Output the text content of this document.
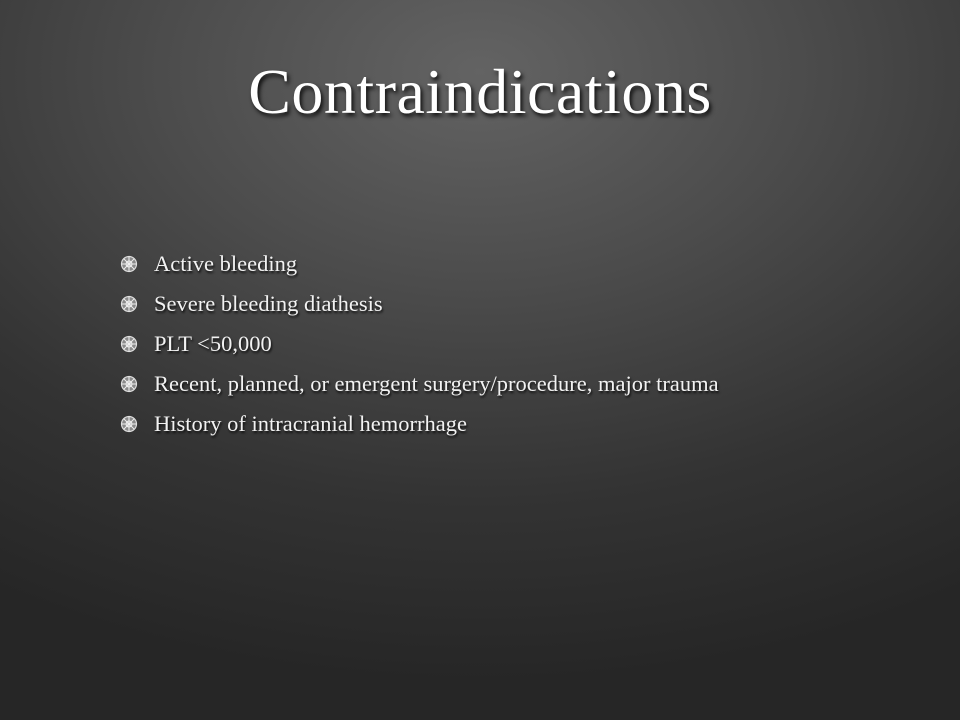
Contraindications
Active bleeding
Severe bleeding diathesis
PLT <50,000
Recent, planned, or emergent surgery/procedure, major trauma
History of intracranial hemorrhage
